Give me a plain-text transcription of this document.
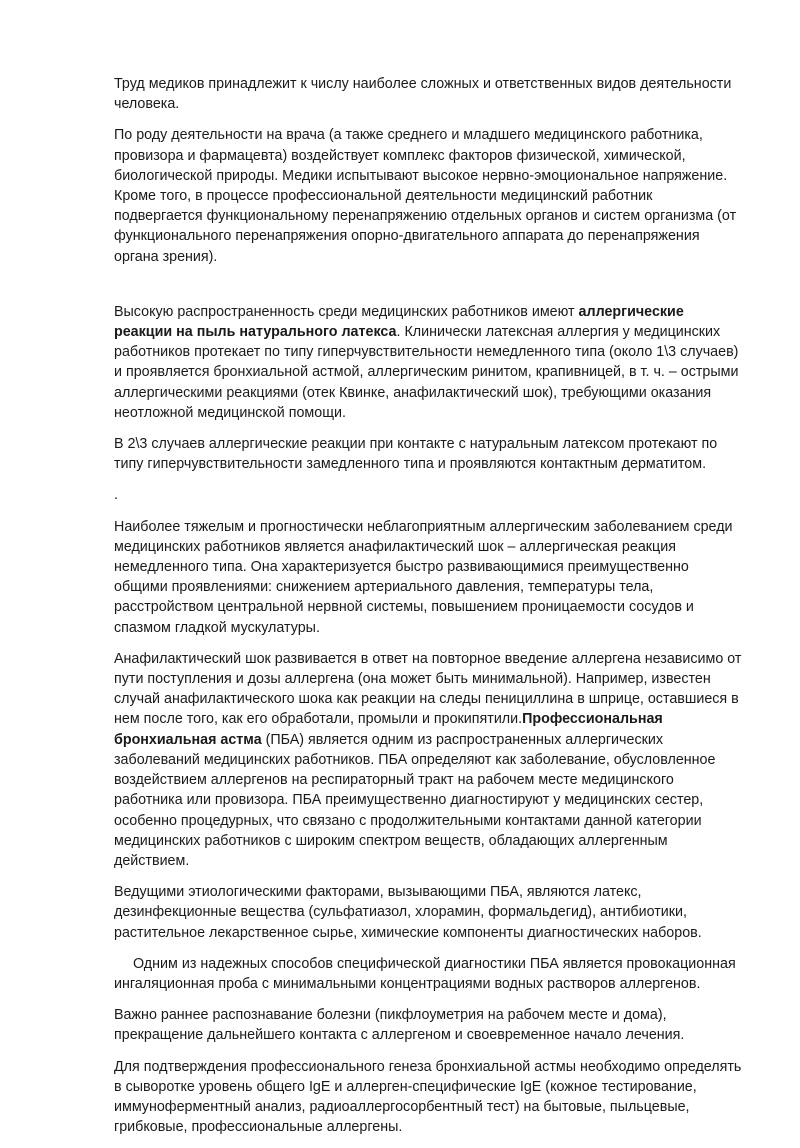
Труд медиков принадлежит к числу наиболее сложных и ответственных видов деятельности человека.

По роду деятельности на врача (а также среднего и младшего медицинского работника, провизора и фармацевта) воздействует комплекс факторов физической, химической, биологической природы. Медики испытывают высокое нервно-эмоциональное напряжение. Кроме того, в процессе профессиональной деятельности медицинский работник подвергается функциональному перенапряжению отдельных органов и систем организма (от функционального перенапряжения опорно-двигательного аппарата до перенапряжения органа зрения).

Высокую распространенность среди медицинских работников имеют аллергические реакции на пыль натурального латекса. Клинически латексная аллергия у медицинских работников протекает по типу гиперчувствительности немедленного типа (около 1\3 случаев) и проявляется бронхиальной астмой, аллергическим ринитом, крапивницей, в т. ч. – острыми аллергическими реакциями (отек Квинке, анафилактический шок), требующими оказания неотложной медицинской помощи.

В 2\3 случаев аллергические реакции при контакте с натуральным латексом протекают по типу гиперчувствительности замедленного типа и проявляются контактным дерматитом.

.

Наиболее тяжелым и прогностически неблагоприятным аллергическим заболеванием среди медицинских работников является анафилактический шок – аллергическая реакция немедленного типа. Она характеризуется быстро развивающимися преимущественно общими проявлениями: снижением артериального давления, температуры тела, расстройством центральной нервной системы, повышением проницаемости сосудов и спазмом гладкой мускулатуры.

Анафилактический шок развивается в ответ на повторное введение аллергена независимо от пути поступления и дозы аллергена (она может быть минимальной). Например, известен случай анафилактического шока как реакции на следы пенициллина в шприце, оставшиеся в нем после того, как его обработали, промыли и прокипятили.Профессиональная бронхиальная астма (ПБА) является одним из распространенных аллергических заболеваний медицинских работников. ПБА определяют как заболевание, обусловленное воздействием аллергенов на респираторный тракт на рабочем месте медицинского работника или провизора. ПБА преимущественно диагностируют у медицинских сестер, особенно процедурных, что связано с продолжительными контактами данной категории медицинских работников с широким спектром веществ, обладающих аллергенным действием.

Ведущими этиологическими факторами, вызывающими ПБА, являются латекс, дезинфекционные вещества (сульфатиазол, хлорамин, формальдегид), антибиотики, растительное лекарственное сырье, химические компоненты диагностических наборов.

Одним из надежных способов специфической диагностики ПБА является провокационная ингаляционная проба с минимальными концентрациями водных растворов аллергенов.

Важно раннее распознавание болезни (пикфлоуметрия на рабочем месте и дома), прекращение дальнейшего контакта с аллергеном и своевременное начало лечения.

Для подтверждения профессионального генеза бронхиальной астмы необходимо определять в сыворотке уровень общего IgE и аллерген-специфические IgE (кожное тестирование, иммуноферментный анализ, радиоаллергосорбентный тест) на бытовые, пыльцевые, грибковые, профессиональные аллергены.
